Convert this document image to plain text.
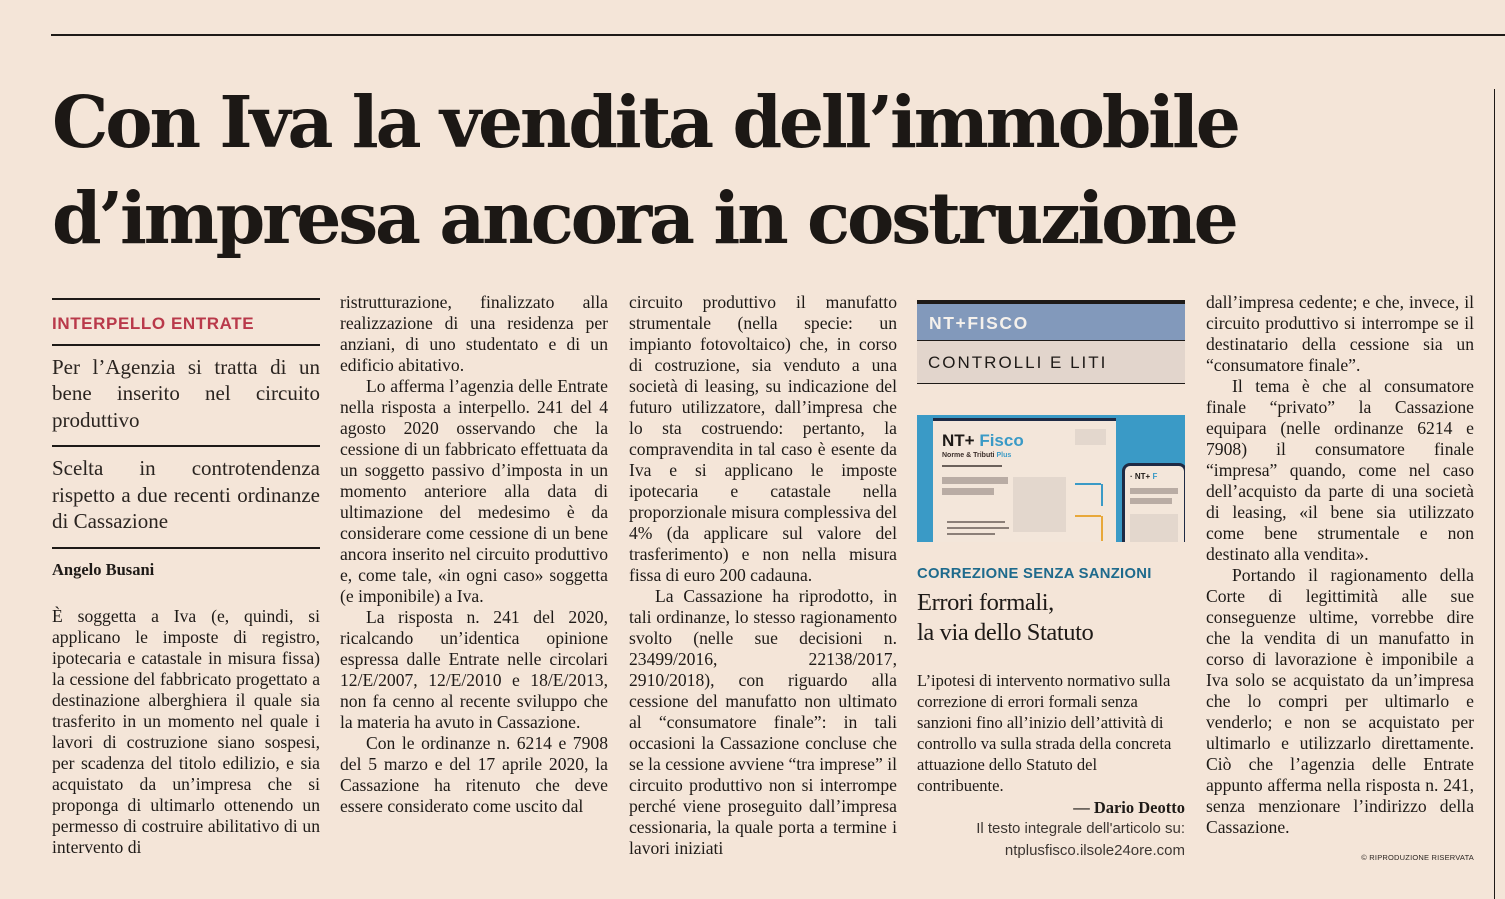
Con Iva la vendita dell’immobile
d’impresa ancora in costruzione
INTERPELLO ENTRATE
Per l’Agenzia si tratta di un bene inserito nel circuito produttivo
Scelta in controtendenza rispetto a due recenti ordinanze di Cassazione
Angelo Busani

È soggetta a Iva (e, quindi, si applicano le imposte di registro, ipotecaria e catastale in misura fissa) la cessione del fabbricato progettato a destinazione alberghiera il quale sia trasferito in un momento nel quale i lavori di costruzione siano sospesi, per scadenza del titolo edilizio, e sia acquistato da un’impresa che si proponga di ultimarlo ottenendo un permesso di costruire abilitativo di un intervento di

ristrutturazione, finalizzato alla realizzazione di una residenza per anziani, di uno studentato e di un edificio abitativo.

Lo afferma l’agenzia delle Entrate nella risposta a interpello. 241 del 4 agosto 2020 osservando che la cessione di un fabbricato effettuata da un soggetto passivo d’imposta in un momento anteriore alla data di ultimazione del medesimo è da considerare come cessione di un bene ancora inserito nel circuito produttivo e, come tale, «in ogni caso» soggetta (e imponibile) a Iva.

La risposta n. 241 del 2020, ricalcando un’identica opinione espressa dalle Entrate nelle circolari 12/E/2007, 12/E/2010 e 18/E/2013, non fa cenno al recente sviluppo che la materia ha avuto in Cassazione.

Con le ordinanze n. 6214 e 7908 del 5 marzo e del 17 aprile 2020, la Cassazione ha ritenuto che deve essere considerato come uscito dal

circuito produttivo il manufatto strumentale (nella specie: un impianto fotovoltaico) che, in corso di costruzione, sia venduto a una società di leasing, su indicazione del futuro utilizzatore, dall’impresa che lo sta costruendo: pertanto, la compravendita in tal caso è esente da Iva e si applicano le imposte ipotecaria e catastale nella proporzionale misura complessiva del 4% (da applicare sul valore del trasferimento) e non nella misura fissa di euro 200 cadauna.

La Cassazione ha riprodotto, in tali ordinanze, lo stesso ragionamento svolto (nelle sue decisioni n. 23499/2016, 22138/2017, 2910/2018), con riguardo alla cessione del manufatto non ultimato al “consumatore finale”: in tali occasioni la Cassazione concluse che se la cessione avviene “tra imprese” il circuito produttivo non si interrompe perché viene proseguito dall’impresa cessionaria, la quale porta a termine i lavori iniziati

NT+FISCO
CONTROLLI E LITI
NT+ Fisco
Norme & Tributi Plus
· NT+ F
CORREZIONE SENZA SANZIONI
Errori formali,
la via dello Statuto
L’ipotesi di intervento normativo sulla correzione di errori formali senza sanzioni fino all’inizio dell’attività di controllo va sulla strada della concreta attuazione dello Statuto del contribuente.
— Dario Deotto
Il testo integrale dell'articolo su:
ntplusfisco.ilsole24ore.com

dall’impresa cedente; e che, invece, il circuito produttivo si interrompe se il destinatario della cessione sia un “consumatore finale”.

Il tema è che al consumatore finale “privato” la Cassazione equipara (nelle ordinanze 6214 e 7908) il consumatore finale “impresa” quando, come nel caso dell’acquisto da parte di una società di leasing, «il bene sia utilizzato come bene strumentale e non destinato alla vendita».

Portando il ragionamento della Corte di legittimità alle sue conseguenze ultime, vorrebbe dire che la vendita di un manufatto in corso di lavorazione è imponibile a Iva solo se acquistato da un’impresa che lo compri per ultimarlo e venderlo; e non se acquistato per ultimarlo e utilizzarlo direttamente. Ciò che l’agenzia delle Entrate appunto afferma nella risposta n. 241, senza menzionare l’indirizzo della Cassazione.

© RIPRODUZIONE RISERVATA
